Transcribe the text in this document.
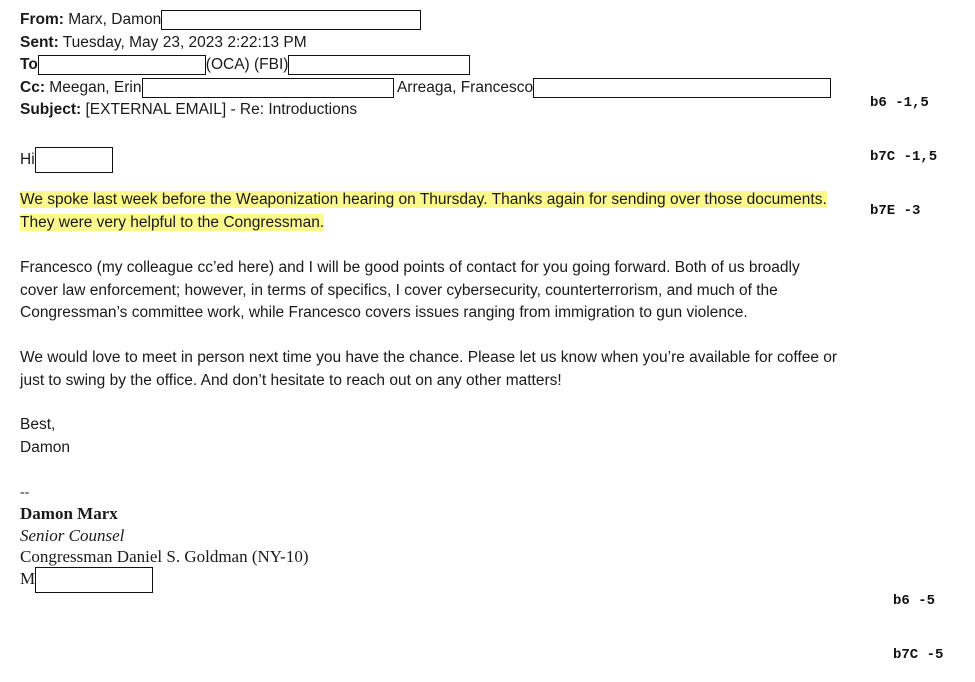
From: Marx, Damon
Sent: Tuesday, May 23, 2023 2:22:13 PM
To	(OCA) (FBI)
Cc: Meegan, Erin	Arreaga, Francesco
Subject: [EXTERNAL EMAIL] - Re: Introductions

	b6 -1,5

b7C -1,5

b7E -3

Hi
We spoke last week before the Weaponization hearing on Thursday. Thanks again for sending over those documents.
They were very helpful to the Congressman.
Francesco (my colleague cc’ed here) and I will be good points of contact for you going forward. Both of us broadly
cover law enforcement; however, in terms of specifics, I cover cybersecurity, counterterrorism, and much of the
Congressman’s committee work, while Francesco covers issues ranging from immigration to gun violence.
We would love to meet in person next time you have the chance. Please let us know when you’re available for coffee or
just to swing by the office. And don’t hesitate to reach out on any other matters!
Best,
Damon
--
Damon Marx
Senior Counsel
Congressman Daniel S. Goldman (NY-10)
M

b6 -5

b7C -5
